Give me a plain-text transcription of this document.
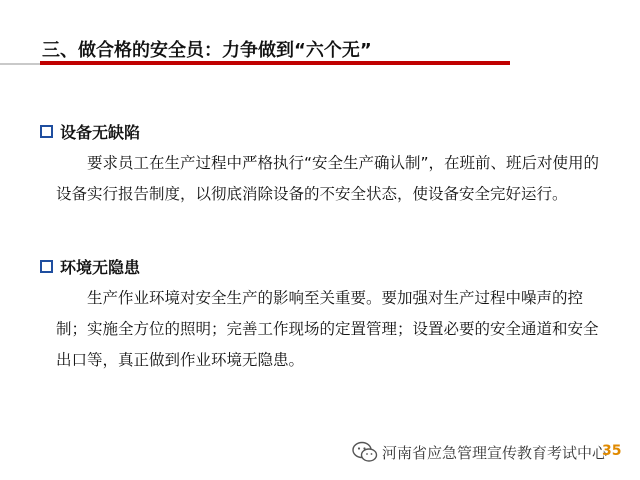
三、做合格的安全员：力争做到“六个无”
设备无缺陷

要求员工在生产过程中严格执行“安全生产确认制”，在班前、班后对使用的设备实行报告制度，以彻底消除设备的不安全状态，使设备安全完好运行。

环境无隐患

生产作业环境对安全生产的影响至关重要。要加强对生产过程中噪声的控制；实施全方位的照明；完善工作现场的定置管理；设置必要的安全通道和安全出口等，真正做到作业环境无隐患。

河南省应急管理宣传教育考试中心
35
